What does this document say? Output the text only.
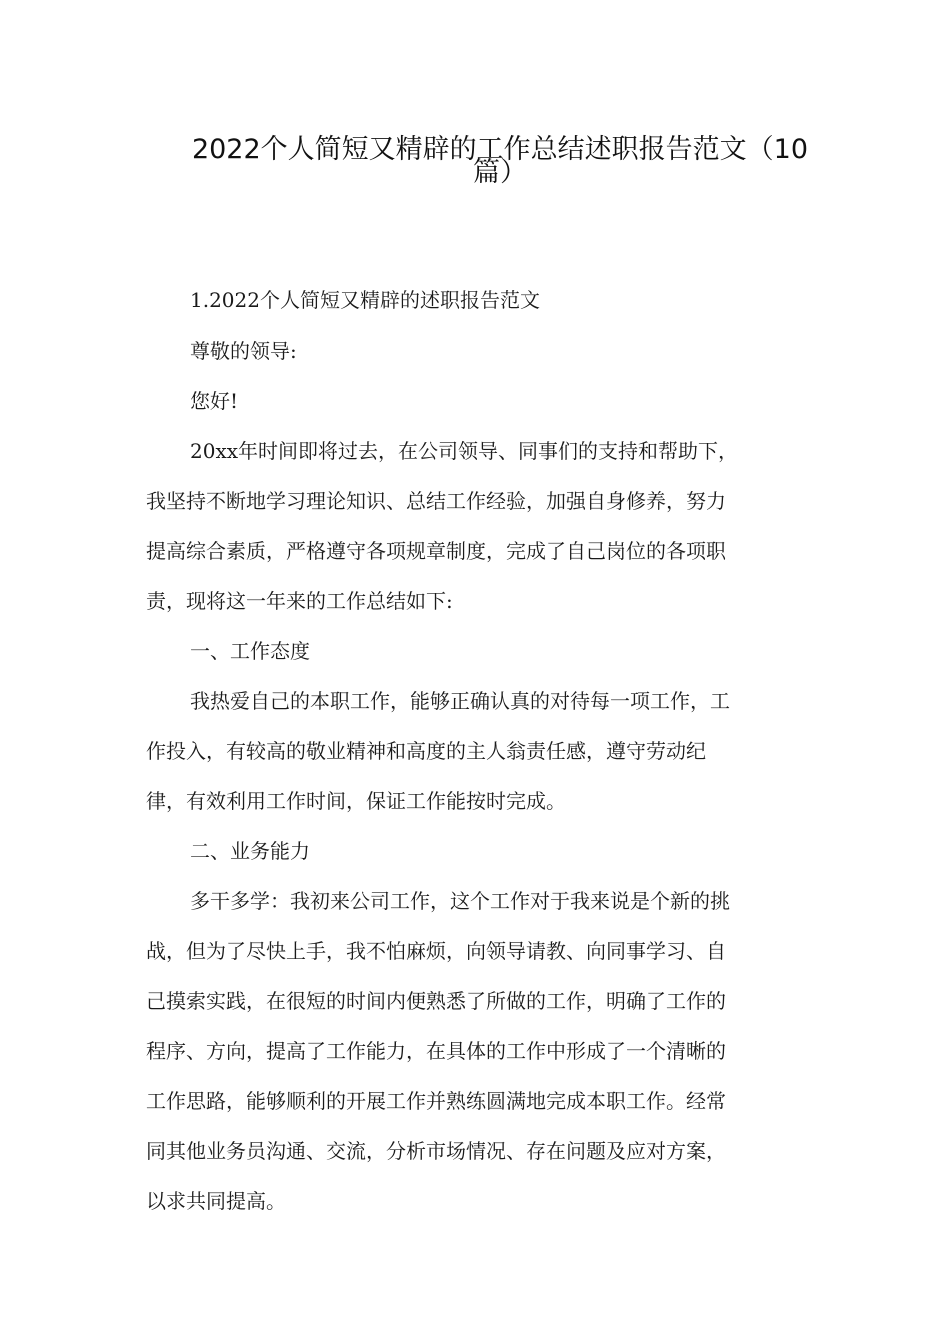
2022个人简短又精辟的工作总结述职报告范文（10
篇）
1.2022个人简短又精辟的述职报告范文
尊敬的领导:
您好!
20xx年时间即将过去，在公司领导、同事们的支持和帮助下，
我坚持不断地学习理论知识、总结工作经验，加强自身修养，努力
提高综合素质，严格遵守各项规章制度，完成了自己岗位的各项职
责，现将这一年来的工作总结如下:
一、工作态度
我热爱自己的本职工作，能够正确认真的对待每一项工作，工
作投入，有较高的敬业精神和高度的主人翁责任感，遵守劳动纪
律，有效利用工作时间，保证工作能按时完成。
二、业务能力
多干多学：我初来公司工作，这个工作对于我来说是个新的挑
战，但为了尽快上手，我不怕麻烦，向领导请教、向同事学习、自
己摸索实践，在很短的时间内便熟悉了所做的工作，明确了工作的
程序、方向，提高了工作能力，在具体的工作中形成了一个清晰的
工作思路，能够顺利的开展工作并熟练圆满地完成本职工作。经常
同其他业务员沟通、交流，分析市场情况、存在问题及应对方案，
以求共同提高。
